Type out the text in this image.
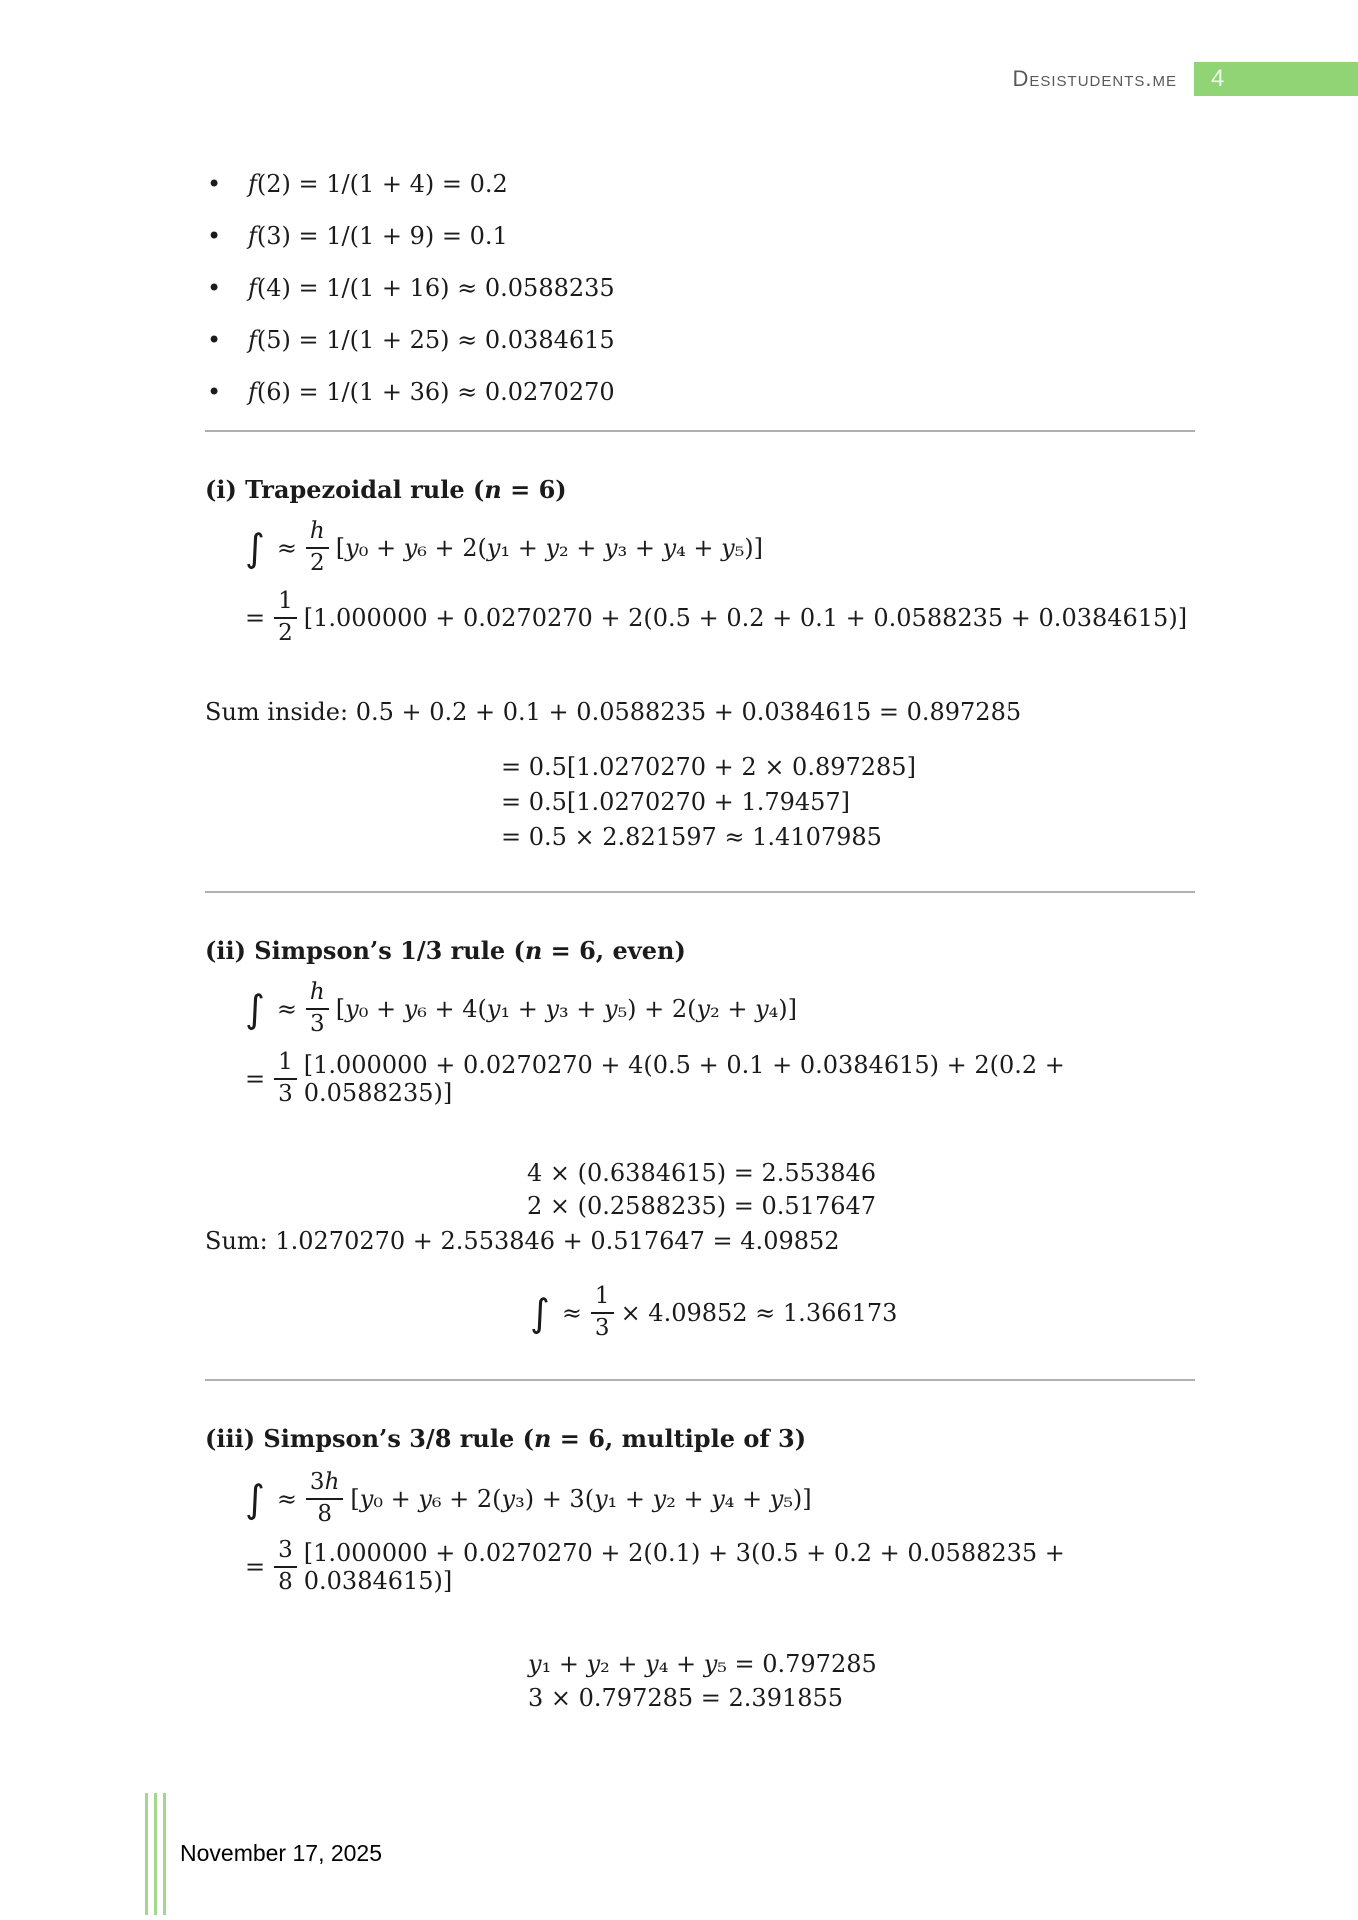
Desistudents.me	4
• f(2) = 1/(1 + 4) = 0.2
• f(3) = 1/(1 + 9) = 0.1
• f(4) = 1/(1 + 16) ≈ 0.0588235
• f(5) = 1/(1 + 25) ≈ 0.0384615
• f(6) = 1/(1 + 36) ≈ 0.0270270
(i) Trapezoidal rule (n = 6)
∫ ≈ $\frac{h}{2} [y_0 + y_6 + 2(y_1 + y_2 + y_3 + y_4 + y_5)]$
= $\frac{1}{2} [1.000000 + 0.0270270 + 2(0.5 + 0.2 + 0.1 + 0.0588235 + 0.0384615)]$

Sum inside: 0.5 + 0.2 + 0.1 + 0.0588235 + 0.0384615 = 0.897285

= 0.5[1.0270270 + 2 × 0.897285]
= 0.5[1.0270270 + 1.79457]
= 0.5 × 2.821597 ≈ 1.4107985
(ii) Simpson’s 1/3 rule (n = 6, even)
∫ ≈ $\frac{h}{3} [y_0 + y_6 + 4(y_1 + y_3 + y_5) + 2(y_2 + y_4)]$
= $\frac{1}{3} [1.000000 + 0.0270270 + 4(0.5 + 0.1 + 0.0384615) + 2(0.2 + 0.0588235)]$
4 × (0.6384615) = 2.553846
2 × (0.2588235) = 0.517647

Sum: 1.0270270 + 2.553846 + 0.517647 = 4.09852

∫ ≈ $\frac{1}{3} \times 4.09852 \approx 1.366173$
(iii) Simpson’s 3/8 rule (n = 6, multiple of 3)
∫ ≈ $\frac{3h}{8} [y_0 + y_6 + 2(y_3) + 3(y_1 + y_2 + y_4 + y_5)]$
= $\frac{3}{8} [1.000000 + 0.0270270 + 2(0.1) + 3(0.5 + 0.2 + 0.0588235 + 0.0384615)]$
y₁ + y₂ + y₄ + y₅ = 0.797285
3 × 0.797285 = 2.391855
November 17, 2025
